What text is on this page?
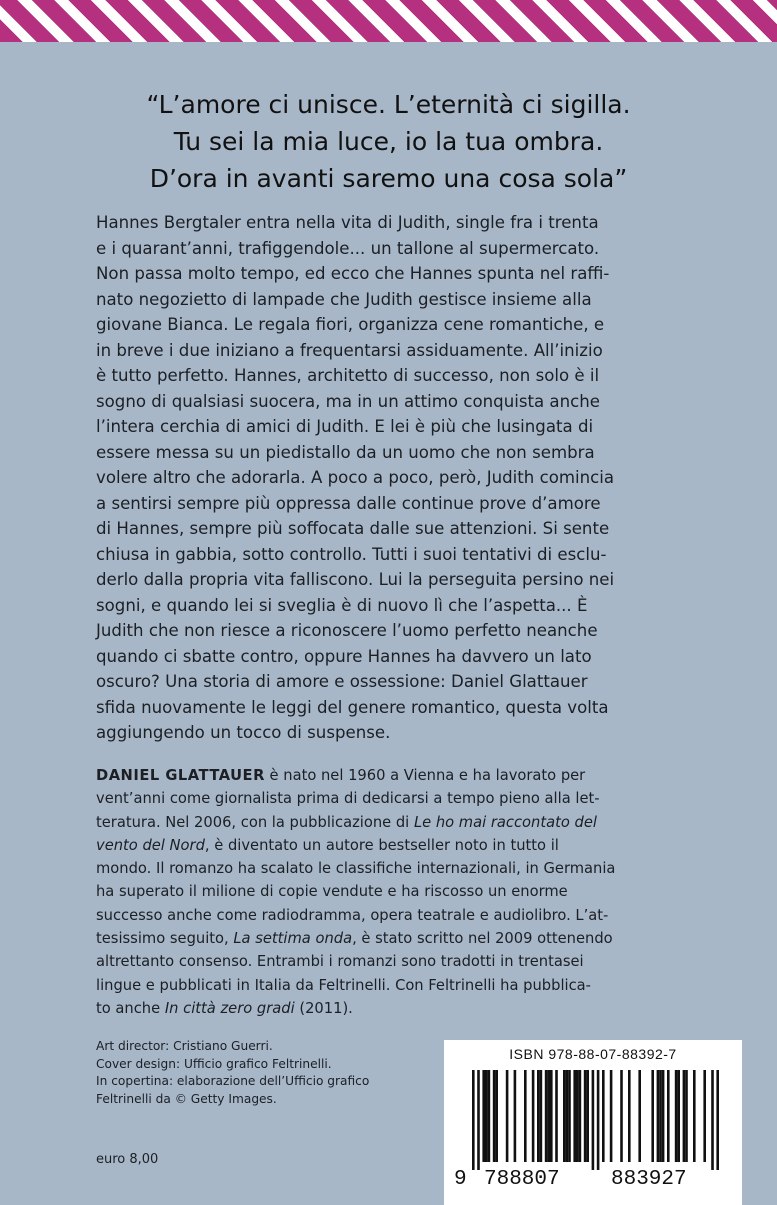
“L’amore ci unisce. L’eternità ci sigilla.
Tu sei la mia luce, io la tua ombra.
D’ora in avanti saremo una cosa sola”

Hannes Bergtaler entra nella vita di Judith, single fra i trenta
e i quarant’anni, trafiggendole... un tallone al supermercato.
Non passa molto tempo, ed ecco che Hannes spunta nel raffi-
nato negozietto di lampade che Judith gestisce insieme alla
giovane Bianca. Le regala fiori, organizza cene romantiche, e
in breve i due iniziano a frequentarsi assiduamente. All’inizio
è tutto perfetto. Hannes, architetto di successo, non solo è il
sogno di qualsiasi suocera, ma in un attimo conquista anche
l’intera cerchia di amici di Judith. E lei è più che lusingata di
essere messa su un piedistallo da un uomo che non sembra
volere altro che adorarla. A poco a poco, però, Judith comincia
a sentirsi sempre più oppressa dalle continue prove d’amore
di Hannes, sempre più soffocata dalle sue attenzioni. Si sente
chiusa in gabbia, sotto controllo. Tutti i suoi tentativi di esclu-
derlo dalla propria vita falliscono. Lui la perseguita persino nei
sogni, e quando lei si sveglia è di nuovo lì che l’aspetta... È
Judith che non riesce a riconoscere l’uomo perfetto neanche
quando ci sbatte contro, oppure Hannes ha davvero un lato
oscuro? Una storia di amore e ossessione: Daniel Glattauer
sfida nuovamente le leggi del genere romantico, questa volta
aggiungendo un tocco di suspense.

DANIEL GLATTAUER è nato nel 1960 a Vienna e ha lavorato per
vent’anni come giornalista prima di dedicarsi a tempo pieno alla let-
teratura. Nel 2006, con la pubblicazione di Le ho mai raccontato del
vento del Nord, è diventato un autore bestseller noto in tutto il
mondo. Il romanzo ha scalato le classifiche internazionali, in Germania
ha superato il milione di copie vendute e ha riscosso un enorme
successo anche come radiodramma, opera teatrale e audiolibro. L’at-
tesissimo seguito, La settima onda, è stato scritto nel 2009 ottenendo
altrettanto consenso. Entrambi i romanzi sono tradotti in trentasei
lingue e pubblicati in Italia da Feltrinelli. Con Feltrinelli ha pubblica-
to anche In città zero gradi (2011).

Art director: Cristiano Guerri.
Cover design: Ufficio grafico Feltrinelli.
In copertina: elaborazione dell’Ufficio grafico
Feltrinelli da © Getty Images.

euro 8,00
ISBN 978-88-07-88392-7
9 788807 883927
